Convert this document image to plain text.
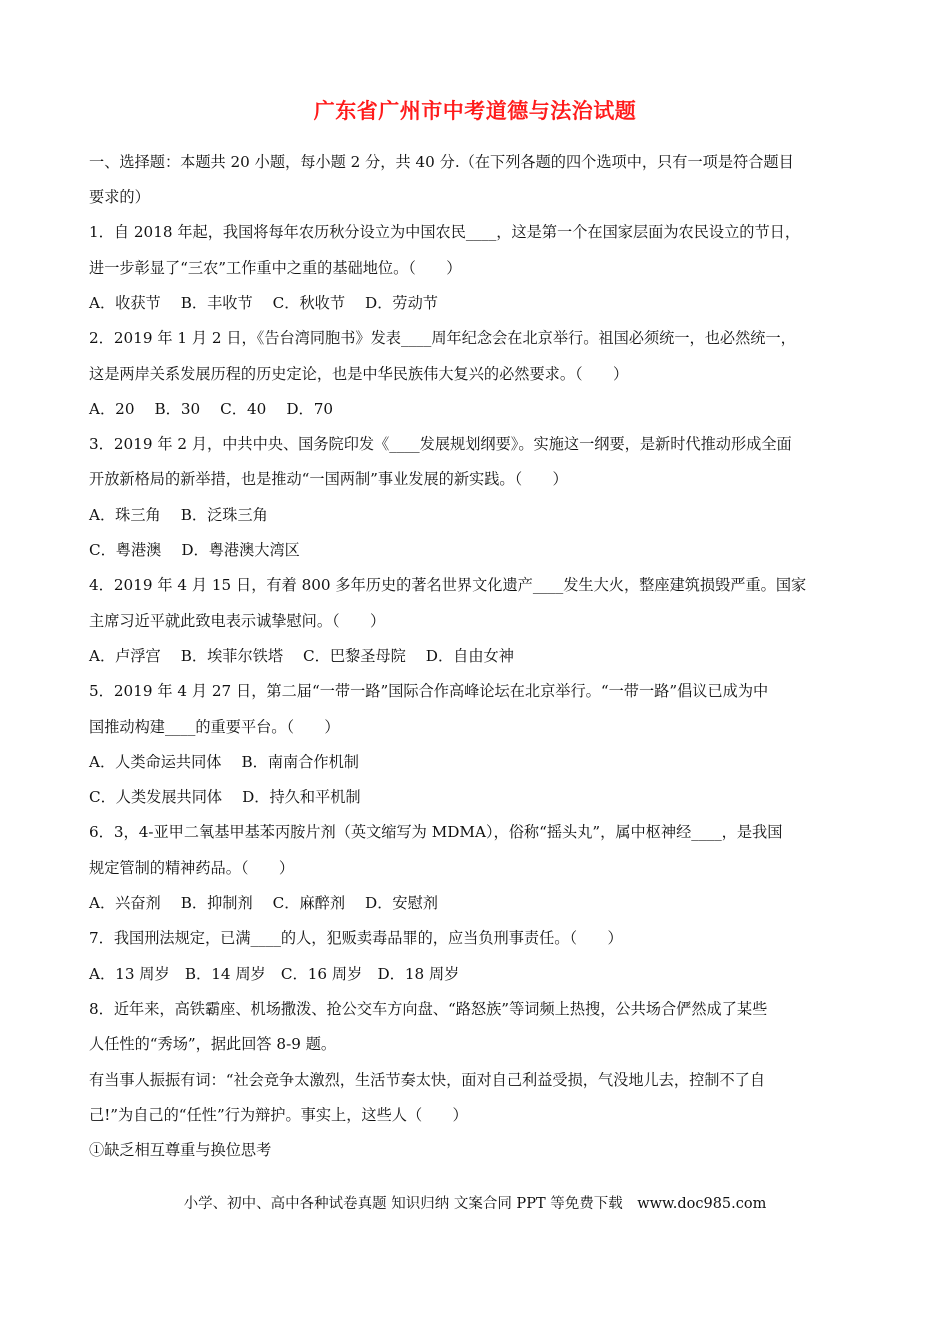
广东省广州市中考道德与法治试题
一、选择题：本题共 20 小题，每小题 2 分，共 40 分.（在下列各题的四个选项中，只有一项是符合题目
要求的）
1．自 2018 年起，我国将每年农历秋分设立为中国农民____，这是第一个在国家层面为农民设立的节日，
进一步彰显了“三农”工作重中之重的基础地位。（　　）
A．收获节　 B．丰收节　 C．秋收节　 D．劳动节
2．2019 年 1 月 2 日，《告台湾同胞书》发表____周年纪念会在北京举行。祖国必须统一，也必然统一，
这是两岸关系发展历程的历史定论，也是中华民族伟大复兴的必然要求。（　　）
A．20　 B．30　 C．40　 D．70
3．2019 年 2 月，中共中央、国务院印发《____发展规划纲要》。实施这一纲要，是新时代推动形成全面
开放新格局的新举措，也是推动“一国两制”事业发展的新实践。（　　）
A．珠三角　 B．泛珠三角
C．粤港澳　 D．粤港澳大湾区
4．2019 年 4 月 15 日，有着 800 多年历史的著名世界文化遗产____发生大火，整座建筑损毁严重。国家
主席习近平就此致电表示诚挚慰问。（　　）
A．卢浮宫　 B．埃菲尔铁塔　 C．巴黎圣母院　 D．自由女神
5．2019 年 4 月 27 日，第二届“一带一路”国际合作高峰论坛在北京举行。“一带一路”倡议已成为中
国推动构建____的重要平台。（　　）
A．人类命运共同体　 B．南南合作机制
C．人类发展共同体　 D．持久和平机制
6．3，4-亚甲二氧基甲基苯丙胺片剂（英文缩写为 MDMA），俗称“摇头丸”，属中枢神经____，是我国
规定管制的精神药品。（　　）
A．兴奋剂　 B．抑制剂　 C．麻醉剂　 D．安慰剂
7．我国刑法规定，已满____的人，犯贩卖毒品罪的，应当负刑事责任。（　　）
A．13 周岁　B．14 周岁　C．16 周岁　D．18 周岁
8．近年来，高铁霸座、机场撒泼、抢公交车方向盘、“路怒族”等词频上热搜，公共场合俨然成了某些
人任性的“秀场”，据此回答 8-9 题。
有当事人振振有词：“社会竞争太激烈，生活节奏太快，面对自己利益受损，气没地儿去，控制不了自
己!”为自己的“任性”行为辩护。事实上，这些人（　　）
①缺乏相互尊重与换位思考
小学、初中、高中各种试卷真题 知识归纳 文案合同 PPT 等免费下载　www.doc985.com
